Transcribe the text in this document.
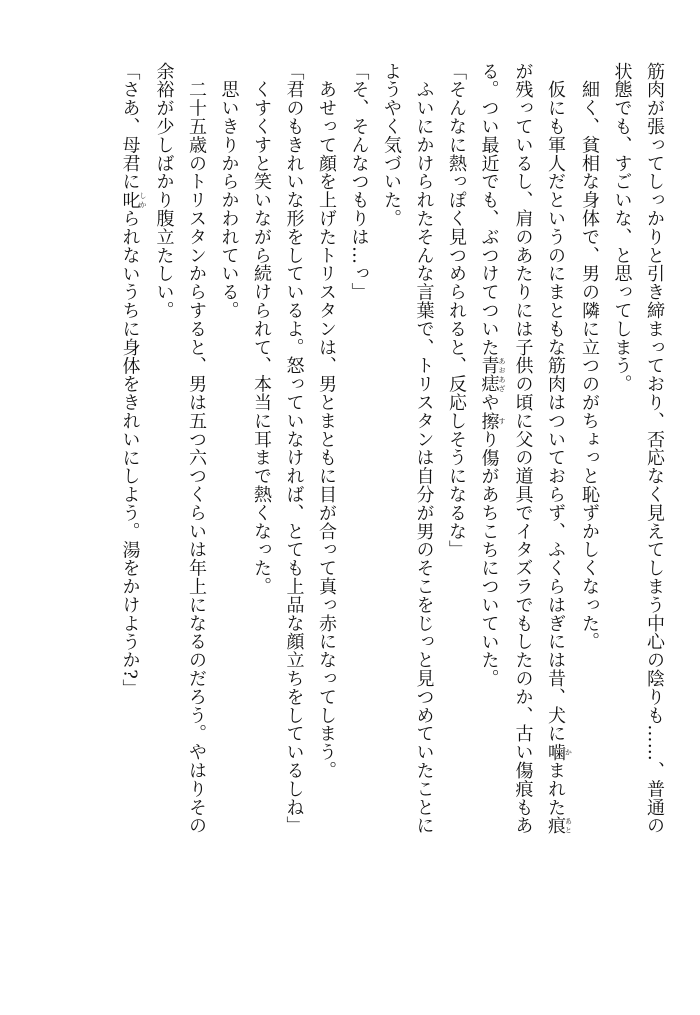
筋肉が張ってしっかりと引き締まっており、否応なく見えてしまう中心の陰りも……、普通の

状態でも、すごいな、と思ってしまう。

　細く、貧相な身体で、男の隣に立つのがちょっと恥ずかしくなった。

　仮にも軍人だというのにまともな筋肉はついておらず、ふくらはぎには昔、犬に噛かまれた痕あと

が残っているし、肩のあたりには子供の頃に父の道具でイタズラでもしたのか、古い傷痕もあ

る。つい最近でも、ぶつけてついた青痣あおあざや擦すり傷があちこちについていた。

「そんなに熱っぽく見つめられると、反応しそうになるな」

　ふいにかけられたそんな言葉で、トリスタンは自分が男のそこをじっと見つめていたことに

ようやく気づいた。

「そ、そんなつもりは…っ」

　あせって顔を上げたトリスタンは、男とまともに目が合って真っ赤になってしまう。

「君のもきれいな形をしているよ。怒っていなければ、とても上品な顔立ちをしているしね」

　くすくすと笑いながら続けられて、本当に耳まで熱くなった。

　思いきりからかわれている。

　二十五歳のトリスタンからすると、男は五つ六つくらいは年上になるのだろう。やはりその

余裕が少しばかり腹立たしい。

「さあ、母君に叱しかられないうちに身体をきれいにしよう。湯をかけようか?」
